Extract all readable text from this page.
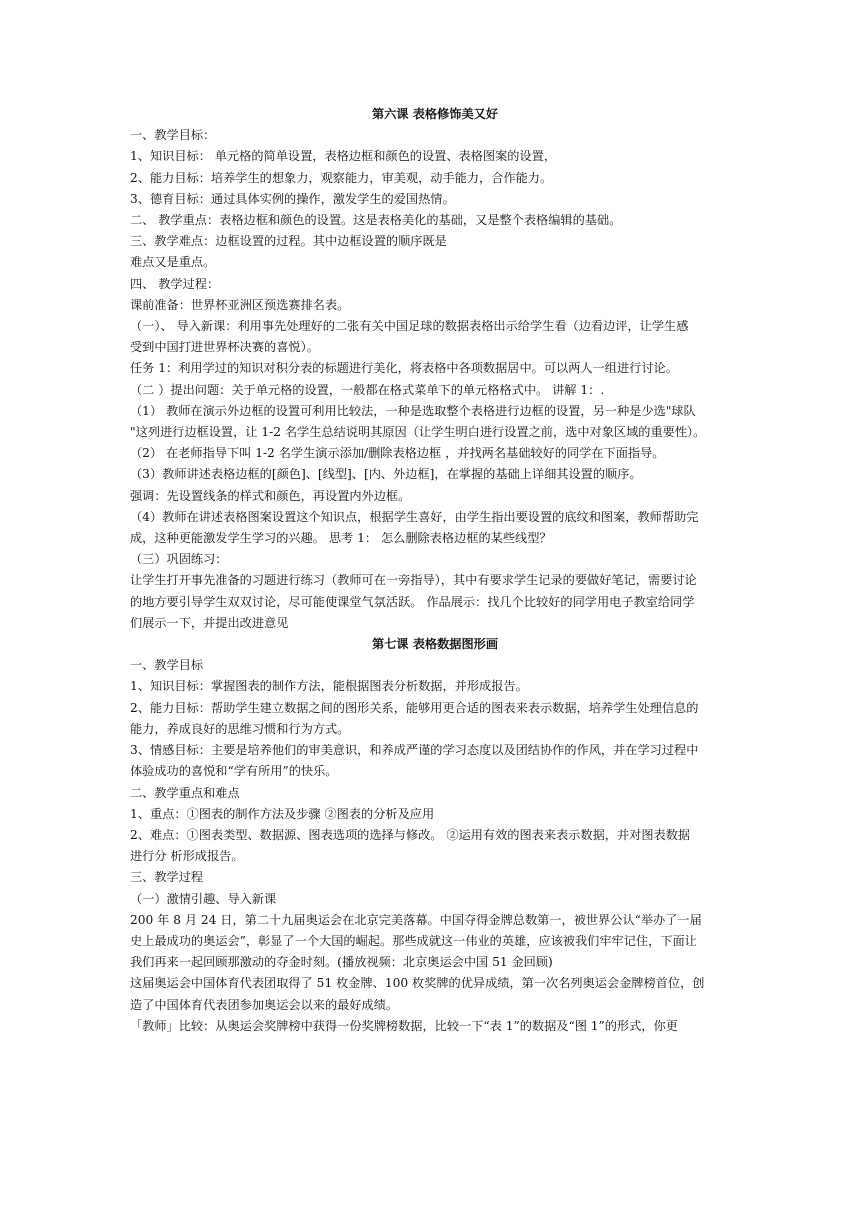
第六课 表格修饰美又好

一、教学目标：

1、知识目标： 单元格的简单设置，表格边框和颜色的设置、表格图案的设置，

2、能力目标：培养学生的想象力，观察能力，审美观，动手能力，合作能力。

3、德育目标：通过具体实例的操作，激发学生的爱国热情。

二、 教学重点：表格边框和颜色的设置。这是表格美化的基础，又是整个表格编辑的基础。

三、教学难点：边框设置的过程。其中边框设置的顺序既是

难点又是重点。

四、 教学过程：

课前准备：世界杯亚洲区预选赛排名表。

（一）、 导入新课：利用事先处理好的二张有关中国足球的数据表格出示给学生看（边看边评，让学生感

受到中国打进世界杯决赛的喜悦）。

任务 1：利用学过的知识对积分表的标题进行美化，将表格中各项数据居中。可以两人一组进行讨论。

（二 ）提出问题：关于单元格的设置，一般都在格式菜单下的单元格格式中。 讲解 1：.

（1） 教师在演示外边框的设置可利用比较法，一种是选取整个表格进行边框的设置，另一种是少选"球队

"这列进行边框设置，让 1-2 名学生总结说明其原因（让学生明白进行设置之前，选中对象区域的重要性）。

（2） 在老师指导下叫 1-2 名学生演示添加/删除表格边框 ，并找两名基础较好的同学在下面指导。

（3）教师讲述表格边框的[颜色]、[线型]、[内、外边框]，在掌握的基础上详细其设置的顺序。

强调：先设置线条的样式和颜色，再设置内外边框。

（4）教师在讲述表格图案设置这个知识点，根据学生喜好，由学生指出要设置的底纹和图案，教师帮助完

成，这种更能激发学生学习的兴趣。 思考 1： 怎么删除表格边框的某些线型？

（三）巩固练习：

让学生打开事先准备的习题进行练习（教师可在一旁指导），其中有要求学生记录的要做好笔记，需要讨论

的地方要引导学生双双讨论，尽可能使课堂气氛活跃。 作品展示：找几个比较好的同学用电子教室给同学

们展示一下，并提出改进意见

第七课 表格数据图形画

一、教学目标

1、知识目标：掌握图表的制作方法，能根据图表分析数据，并形成报告。

2、能力目标：帮助学生建立数据之间的图形关系，能够用更合适的图表来表示数据，培养学生处理信息的

能力，养成良好的思维习惯和行为方式。

3、情感目标：主要是培养他们的审美意识，和养成严谨的学习态度以及团结协作的作风，并在学习过程中

体验成功的喜悦和“学有所用”的快乐。

二、教学重点和难点

1、重点：①图表的制作方法及步骤 ②图表的分析及应用

2、难点：①图表类型、数据源、图表选项的选择与修改。 ②运用有效的图表来表示数据，并对图表数据

进行分 析形成报告。

三、教学过程

（一）激情引趣、导入新课

200 年 8 月 24 日，第二十九届奥运会在北京完美落幕。中国夺得金牌总数第一，被世界公认“举办了一届

史上最成功的奥运会”，彰显了一个大国的崛起。那些成就这一伟业的英雄，应该被我们牢牢记住，下面让

我们再来一起回顾那激动的夺金时刻。(播放视频：北京奥运会中国 51 金回顾)

这届奥运会中国体育代表团取得了 51 枚金牌、100 枚奖牌的优异成绩，第一次名列奥运会金牌榜首位，创

造了中国体育代表团参加奥运会以来的最好成绩。

「教师」比较：从奥运会奖牌榜中获得一份奖牌榜数据，比较一下“表 1”的数据及“图 1”的形式，你更
